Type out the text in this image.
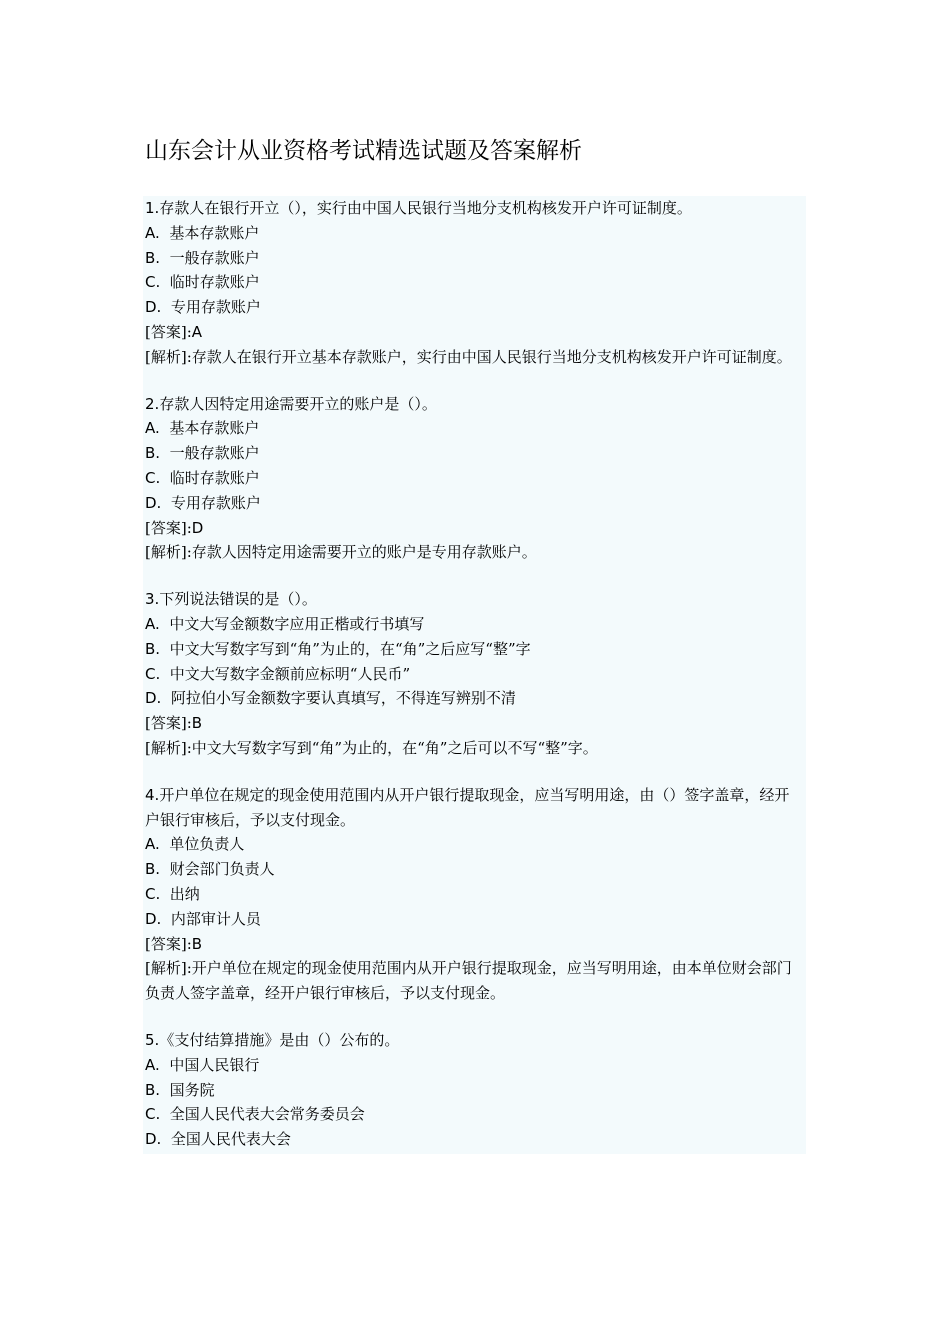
山东会计从业资格考试精选试题及答案解析

1.存款人在银行开立（），实行由中国人民银行当地分支机构核发开户许可证制度。

A. 基本存款账户

B. 一般存款账户

C. 临时存款账户

D. 专用存款账户

[答案]:A

[解析]:存款人在银行开立基本存款账户，实行由中国人民银行当地分支机构核发开户许可证制度。

2.存款人因特定用途需要开立的账户是（）。

A. 基本存款账户

B. 一般存款账户

C. 临时存款账户

D. 专用存款账户

[答案]:D

[解析]:存款人因特定用途需要开立的账户是专用存款账户。

3.下列说法错误的是（）。

A. 中文大写金额数字应用正楷或行书填写

B. 中文大写数字写到“角”为止的，在“角”之后应写“整”字

C. 中文大写数字金额前应标明“人民币”

D. 阿拉伯小写金额数字要认真填写，不得连写辨别不清

[答案]:B

[解析]:中文大写数字写到“角”为止的，在“角”之后可以不写“整”字。

4.开户单位在规定的现金使用范围内从开户银行提取现金，应当写明用途，由（）签字盖章，经开户银行审核后，予以支付现金。

A. 单位负责人

B. 财会部门负责人

C. 出纳

D. 内部审计人员

[答案]:B

[解析]:开户单位在规定的现金使用范围内从开户银行提取现金，应当写明用途，由本单位财会部门负责人签字盖章，经开户银行审核后，予以支付现金。

5.《支付结算措施》是由（）公布的。

A. 中国人民银行

B. 国务院

C. 全国人民代表大会常务委员会

D. 全国人民代表大会
